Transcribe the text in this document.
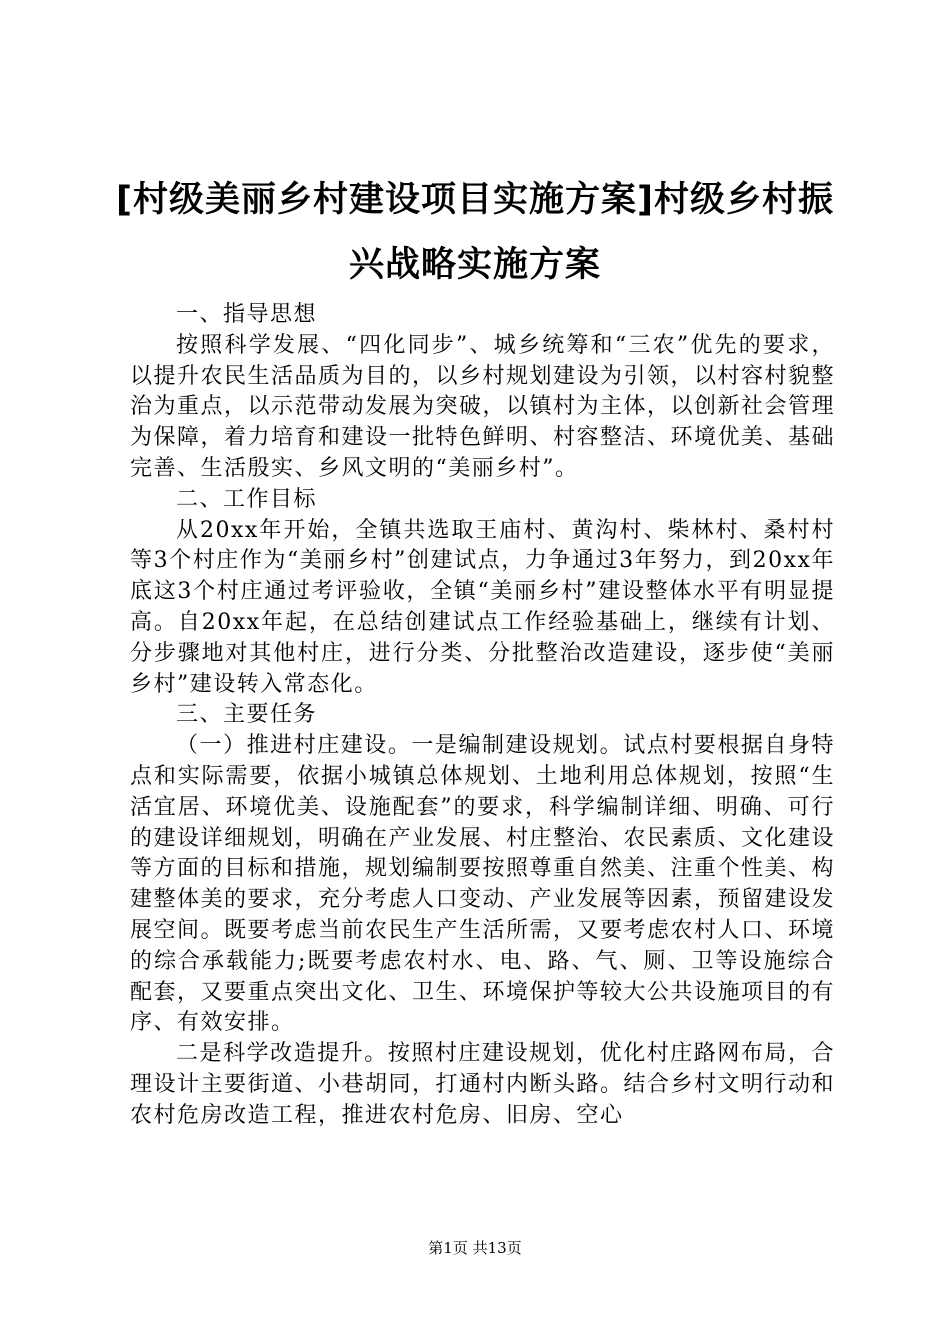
[村级美丽乡村建设项目实施方案]村级乡村振兴战略实施方案

一、指导思想

按照科学发展、“四化同步”、城乡统筹和“三农”优先的要求，以提升农民生活品质为目的，以乡村规划建设为引领，以村容村貌整治为重点，以示范带动发展为突破，以镇村为主体，以创新社会管理为保障，着力培育和建设一批特色鲜明、村容整洁、环境优美、基础完善、生活殷实、乡风文明的“美丽乡村”。

二、工作目标

从20xx年开始，全镇共选取王庙村、黄沟村、柴林村、桑村村等3个村庄作为“美丽乡村”创建试点，力争通过3年努力，到20xx年底这3个村庄通过考评验收，全镇“美丽乡村”建设整体水平有明显提高。自20xx年起，在总结创建试点工作经验基础上，继续有计划、分步骤地对其他村庄，进行分类、分批整治改造建设，逐步使“美丽乡村”建设转入常态化。

三、主要任务

（一）推进村庄建设。一是编制建设规划。试点村要根据自身特点和实际需要，依据小城镇总体规划、土地利用总体规划，按照“生活宜居、环境优美、设施配套”的要求，科学编制详细、明确、可行的建设详细规划，明确在产业发展、村庄整治、农民素质、文化建设等方面的目标和措施，规划编制要按照尊重自然美、注重个性美、构建整体美的要求，充分考虑人口变动、产业发展等因素，预留建设发展空间。既要考虑当前农民生产生活所需，又要考虑农村人口、环境的综合承载能力;既要考虑农村水、电、路、气、厕、卫等设施综合配套，又要重点突出文化、卫生、环境保护等较大公共设施项目的有序、有效安排。

二是科学改造提升。按照村庄建设规划，优化村庄路网布局，合理设计主要街道、小巷胡同，打通村内断头路。结合乡村文明行动和农村危房改造工程，推进农村危房、旧房、空心

第1页 共13页
